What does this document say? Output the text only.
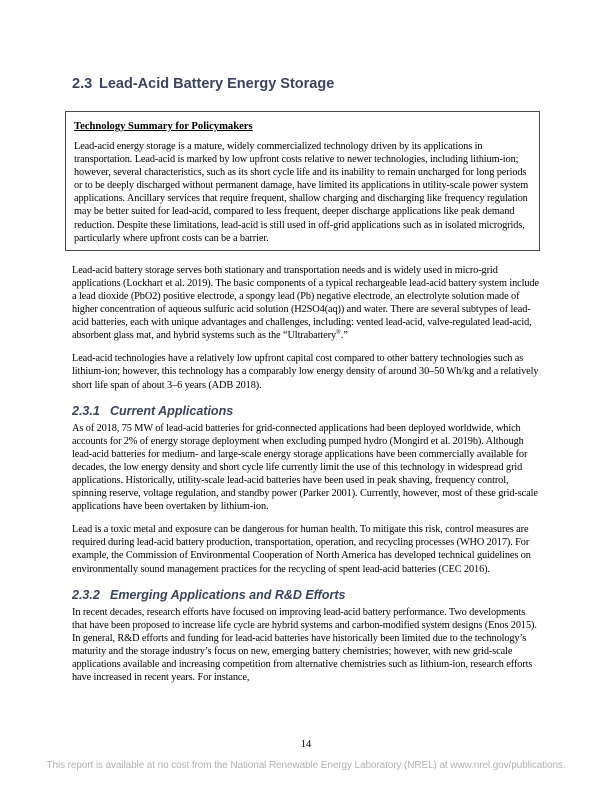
2.3 Lead-Acid Battery Energy Storage
Technology Summary for Policymakers

Lead-acid energy storage is a mature, widely commercialized technology driven by its applications in transportation. Lead-acid is marked by low upfront costs relative to newer technologies, including lithium-ion; however, several characteristics, such as its short cycle life and its inability to remain uncharged for long periods or to be deeply discharged without permanent damage, have limited its applications in utility-scale power system applications. Ancillary services that require frequent, shallow charging and discharging like frequency regulation may be better suited for lead-acid, compared to less frequent, deeper discharge applications like peak demand reduction. Despite these limitations, lead-acid is still used in off-grid applications such as in isolated microgrids, particularly where upfront costs can be a barrier.

Lead-acid battery storage serves both stationary and transportation needs and is widely used in micro-grid applications (Lockhart et al. 2019). The basic components of a typical rechargeable lead-acid battery system include a lead dioxide (PbO2) positive electrode, a spongy lead (Pb) negative electrode, an electrolyte solution made of higher concentration of aqueous sulfuric acid solution (H2SO4(aq)) and water. There are several subtypes of lead-acid batteries, each with unique advantages and challenges, including: vented lead-acid, valve-regulated lead-acid, absorbent glass mat, and hybrid systems such as the “Ultrabattery®.”

Lead-acid technologies have a relatively low upfront capital cost compared to other battery technologies such as lithium-ion; however, this technology has a comparably low energy density of around 30–50 Wh/kg and a relatively short life span of about 3–6 years (ADB 2018).

2.3.1 Current Applications

As of 2018, 75 MW of lead-acid batteries for grid-connected applications had been deployed worldwide, which accounts for 2% of energy storage deployment when excluding pumped hydro (Mongird et al. 2019b). Although lead-acid batteries for medium- and large-scale energy storage applications have been commercially available for decades, the low energy density and short cycle life currently limit the use of this technology in widespread grid applications. Historically, utility-scale lead-acid batteries have been used in peak shaving, frequency control, spinning reserve, voltage regulation, and standby power (Parker 2001). Currently, however, most of these grid-scale applications have been overtaken by lithium-ion.

Lead is a toxic metal and exposure can be dangerous for human health. To mitigate this risk, control measures are required during lead-acid battery production, transportation, operation, and recycling processes (WHO 2017). For example, the Commission of Environmental Cooperation of North America has developed technical guidelines on environmentally sound management practices for the recycling of spent lead-acid batteries (CEC 2016).

2.3.2 Emerging Applications and R&D Efforts

In recent decades, research efforts have focused on improving lead-acid battery performance. Two developments that have been proposed to increase life cycle are hybrid systems and carbon-modified system designs (Enos 2015). In general, R&D efforts and funding for lead-acid batteries have historically been limited due to the technology’s maturity and the storage industry’s focus on new, emerging battery chemistries; however, with new grid-scale applications available and increasing competition from alternative chemistries such as lithium-ion, research efforts have increased in recent years. For instance,

14
This report is available at no cost from the National Renewable Energy Laboratory (NREL) at www.nrel.gov/publications.
